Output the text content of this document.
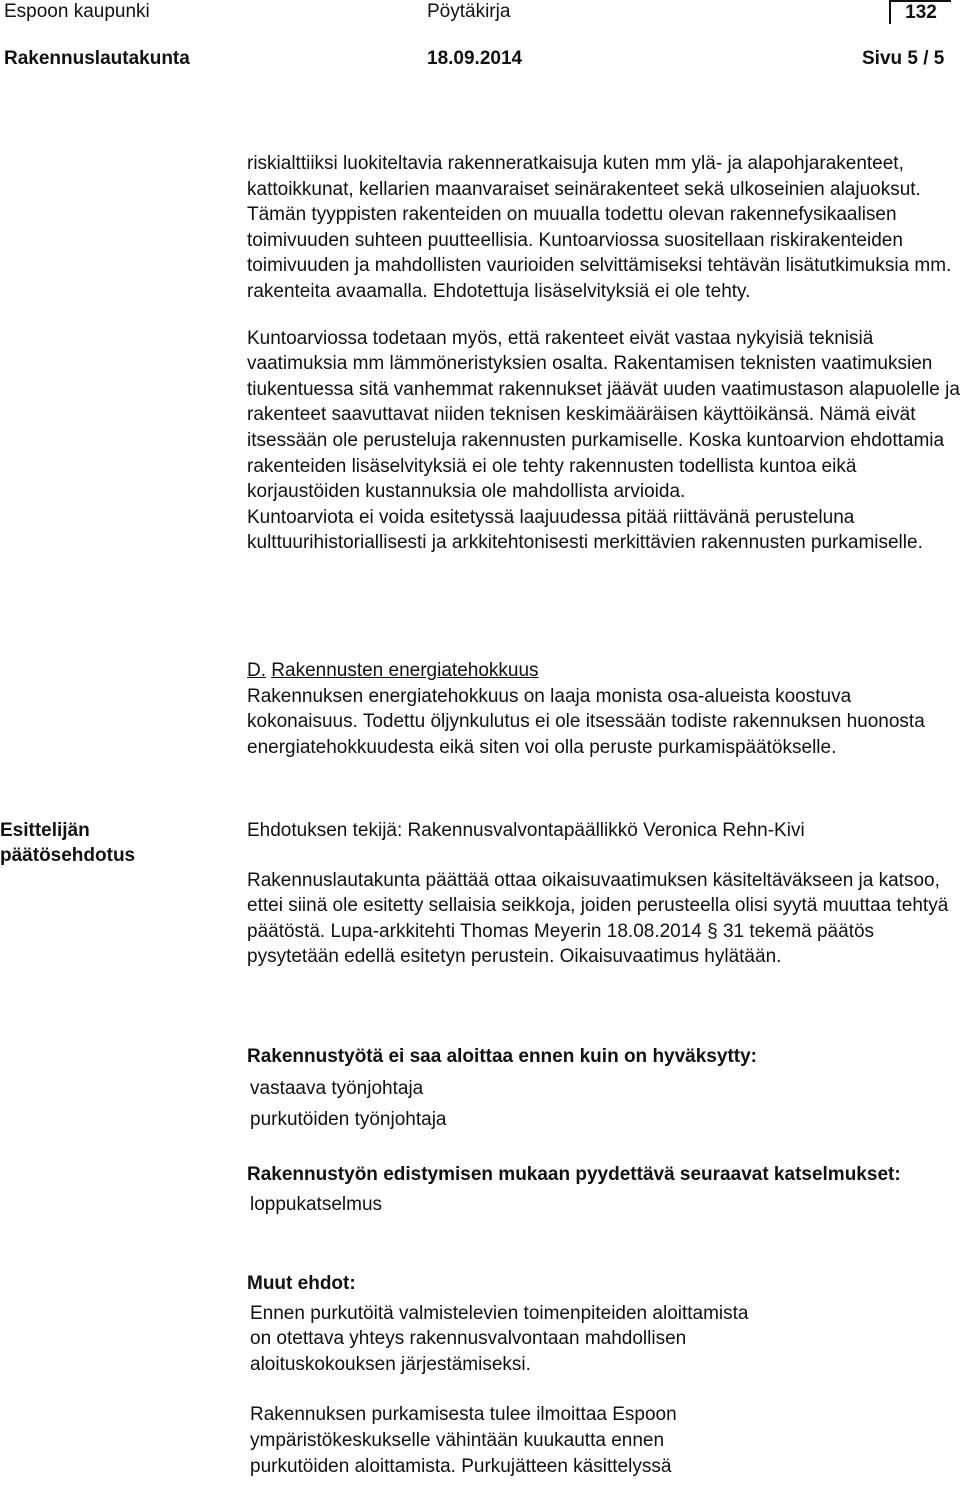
Espoon kaupunki	Pöytäkirja	132
Rakennuslautakunta	18.09.2014	Sivu 5 / 5

riskialttiiksi luokiteltavia rakenneratkaisuja kuten mm ylä- ja alapohjarakenteet, kattoikkunat, kellarien maanvaraiset seinärakenteet sekä ulkoseinien alajuoksut. Tämän tyyppisten rakenteiden on muualla todettu olevan rakennefysikaalisen toimivuuden suhteen puutteellisia. Kuntoarviossa suositellaan riskirakenteiden toimivuuden ja mahdollisten vaurioiden selvittämiseksi tehtävän lisätutkimuksia mm. rakenteita avaamalla. Ehdotettuja lisäselvityksiä ei ole tehty.

Kuntoarviossa todetaan myös, että rakenteet eivät vastaa nykyisiä teknisiä vaatimuksia mm lämmöneristyksien osalta. Rakentamisen teknisten vaatimuksien tiukentuessa sitä vanhemmat rakennukset jäävät uuden vaatimustason alapuolelle ja rakenteet saavuttavat niiden teknisen keskimääräisen käyttöikänsä. Nämä eivät itsessään ole perusteluja rakennusten purkamiselle. Koska kuntoarvion ehdottamia rakenteiden lisäselvityksiä ei ole tehty rakennusten todellista kuntoa eikä korjaustöiden kustannuksia ole mahdollista arvioida.

Kuntoarviota ei voida esitetyssä laajuudessa pitää riittävänä perusteluna kulttuurihistoriallisesti ja arkkitehtonisesti merkittävien rakennusten purkamiselle.

D. Rakennusten energiatehokkuus

Rakennuksen energiatehokkuus on laaja monista osa-alueista koostuva kokonaisuus. Todettu öljynkulutus ei ole itsessään todiste rakennuksen huonosta energiatehokkuudesta eikä siten voi olla peruste purkamispäätökselle.

Esittelijän
päätösehdotus

Ehdotuksen tekijä: Rakennusvalvontapäällikkö Veronica Rehn-Kivi

Rakennuslautakunta päättää ottaa oikaisuvaatimuksen käsiteltäväkseen ja katsoo, ettei siinä ole esitetty sellaisia seikkoja, joiden perusteella olisi syytä muuttaa tehtyä päätöstä. Lupa-arkkitehti Thomas Meyerin 18.08.2014 § 31 tekemä päätös pysytetään edellä esitetyn perustein. Oikaisuvaatimus hylätään.

Rakennustyötä ei saa aloittaa ennen kuin on hyväksytty:
vastaava työnjohtaja
purkutöiden työnjohtaja
Rakennustyön edistymisen mukaan pyydettävä seuraavat katselmukset:
loppukatselmus
Muut ehdot:

Ennen purkutöitä valmistelevien toimenpiteiden aloittamista on otettava yhteys rakennusvalvontaan mahdollisen aloituskokouksen järjestämiseksi.

Rakennuksen purkamisesta tulee ilmoittaa Espoon ympäristökeskukselle vähintään kuukautta ennen purkutöiden aloittamista. Purkujätteen käsittelyssä
